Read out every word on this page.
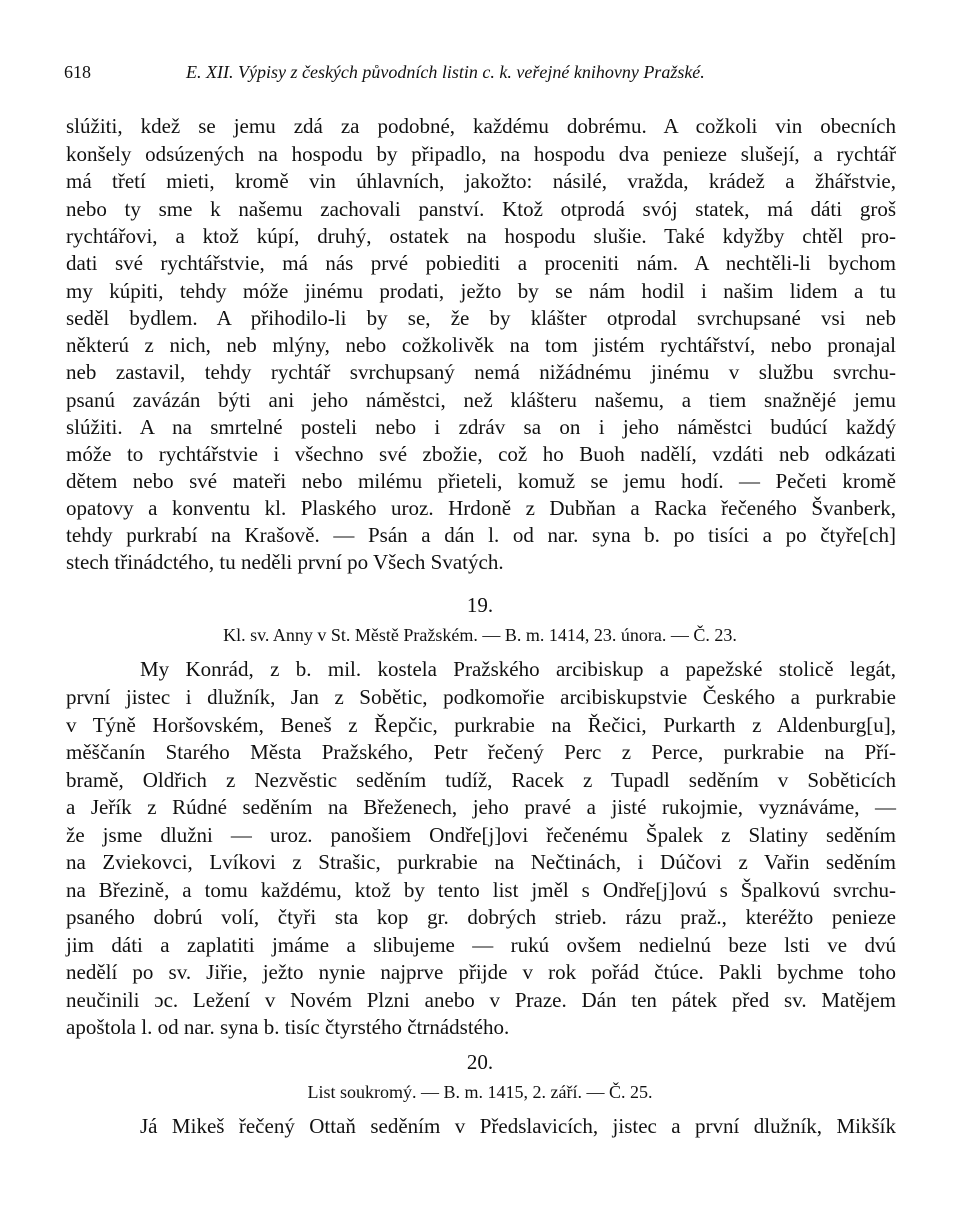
618	E. XII. Výpisy z českých původních listin c. k. veřejné knihovny Pražské.
slúžiti, kdež se jemu zdá za podobné, každému dobrému. A cožkoli vin obecních
konšely odsúzených na hospodu by připadlo, na hospodu dva penieze slušejí, a rychtář
má třetí mieti, kromě vin úhlavních, jakožto: násilé, vražda, krádež a žhářstvie,
nebo ty sme k našemu zachovali panství. Ktož otprodá svój statek, má dáti groš
rychtářovi, a ktož kúpí, druhý, ostatek na hospodu slušie. Také kdyžby chtěl pro-
dati své rychtářstvie, má nás prvé pobiediti a proceniti nám. A nechtěli-li bychom
my kúpiti, tehdy móže jinému prodati, ježto by se nám hodil i našim lidem a tu
seděl bydlem. A přihodilo-li by se, že by klášter otprodal svrchupsané vsi neb
některú z nich, neb mlýny, nebo cožkolivěk na tom jistém rychtářství, nebo pronajal
neb zastavil, tehdy rychtář svrchupsaný nemá nižádnému jinému v službu svrchu-
psanú zavázán býti ani jeho náměstci, než klášteru našemu, a tiem snažnějé jemu
slúžiti. A na smrtelné posteli nebo i zdráv sa on i jeho náměstci budúcí každý
móže to rychtářstvie i všechno své zbožie, což ho Buoh nadělí, vzdáti neb odkázati
dětem nebo své mateři nebo milému přieteli, komuž se jemu hodí. — Pečeti kromě
opatovy a konventu kl. Plaského uroz. Hrdoně z Dubňan a Racka řečeného Švanberk,
tehdy purkrabí na Krašově. — Psán a dán l. od nar. syna b. po tisíci a po čtyře[ch]
stech třinádctého, tu neděli první po Všech Svatých.
19.
Kl. sv. Anny v St. Městě Pražském. — B. m. 1414, 23. února. — Č. 23.
My Konrád, z b. mil. kostela Pražského arcibiskup a papežské stolicě legát,
první jistec i dlužník, Jan z Sobětic, podkomořie arcibiskupstvie Českého a purkrabie
v Týně Horšovském, Beneš z Řepčic, purkrabie na Řečici, Purkarth z Aldenburg[u],
měščanín Starého Města Pražského, Petr řečený Perc z Perce, purkrabie na Pří-
bramě, Oldřich z Nezvěstic seděním tudíž, Racek z Tupadl seděním v Soběticích
a Jeřík z Rúdné seděním na Břeženech, jeho pravé a jisté rukojmie, vyznáváme, —
že jsme dlužni — uroz. panošiem Ondře[j]ovi řečenému Špalek z Slatiny seděním
na Zviekovci, Lvíkovi z Strašic, purkrabie na Nečtinách, i Dúčovi z Vařin seděním
na Březině, a tomu každému, ktož by tento list jměl s Ondře[j]ovú s Špalkovú svrchu-
psaného dobrú volí, čtyři sta kop gr. dobrých strieb. rázu praž., kteréžto penieze
jim dáti a zaplatiti jmáme a slibujeme — rukú ovšem nedielnú beze lsti ve dvú
nedělí po sv. Jiřie, ježto nynie najprve přijde v rok pořád čtúce. Pakli bychme toho
neučinili ɔc. Ležení v Novém Plzni anebo v Praze. Dán ten pátek před sv. Matějem
apoštola l. od nar. syna b. tisíc čtyrstého čtrnádstého.
20.
List soukromý. — B. m. 1415, 2. září. — Č. 25.
Já Mikeš řečený Ottaň seděním v Předslavicích, jistec a první dlužník, Mikšík
